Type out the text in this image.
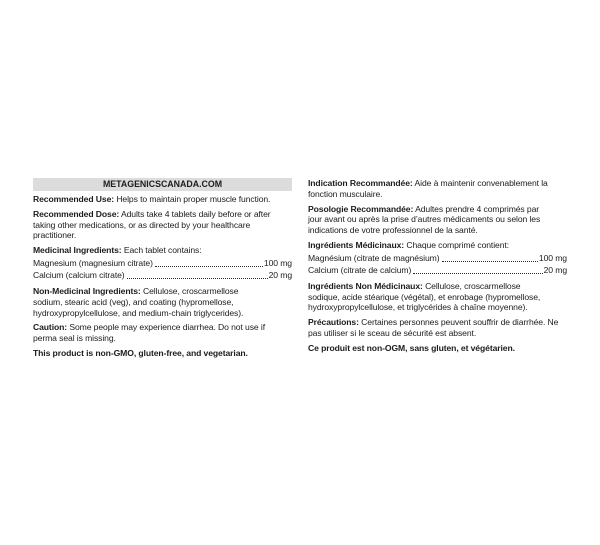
METAGENICSCANADA.COM

Recommended Use: Helps to maintain proper muscle function.

Recommended Dose: Adults take 4 tablets daily before or after
taking other medications, or as directed by your healthcare
practitioner.

Medicinal Ingredients: Each tablet contains:

Magnesium (magnesium citrate)	100 mg
Calcium (calcium citrate)	20 mg

Non-Medicinal Ingredients: Cellulose, croscarmellose
sodium, stearic acid (veg), and coating (hypromellose,
hydroxypropylcellulose, and medium-chain triglycerides).

Caution: Some people may experience diarrhea. Do not use if
perma seal is missing.

This product is non-GMO, gluten-free, and vegetarian.

Indication Recommandée: Aide à maintenir convenablement la
fonction musculaire.

Posologie Recommandée: Adultes prendre 4 comprimés par
jour avant ou après la prise d’autres médicaments ou selon les
indications de votre professionnel de la santé.

Ingrédients Médicinaux: Chaque comprimé contient:

Magnésium (citrate de magnésium)	100 mg
Calcium (citrate de calcium)	20 mg

Ingrédients Non Médicinaux: Cellulose, croscarmellose
sodique, acide stéarique (végétal), et enrobage (hypromellose,
hydroxypropylcellulose, et triglycérides à chaîne moyenne).

Précautions: Certaines personnes peuvent souffrir de diarrhée. Ne
pas utiliser si le sceau de sécurité est absent.

Ce produit est non-OGM, sans gluten, et végétarien.
